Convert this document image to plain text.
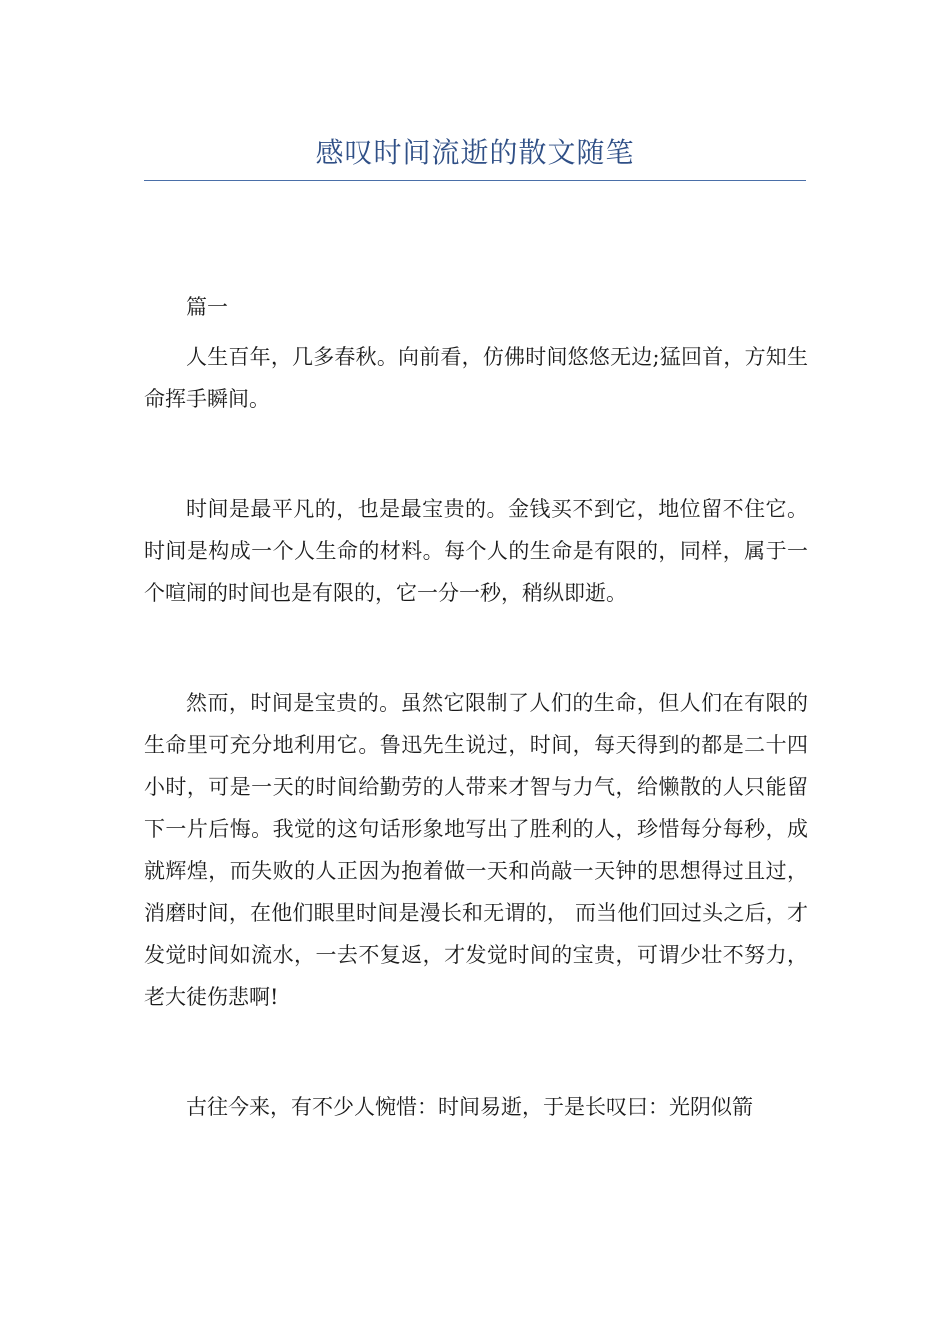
感叹时间流逝的散文随笔

篇一

人生百年，几多春秋。向前看，仿佛时间悠悠无边;猛回首，方知生命挥手瞬间。

时间是最平凡的，也是最宝贵的。金钱买不到它，地位留不住它。时间是构成一个人生命的材料。每个人的生命是有限的，同样，属于一个喧闹的时间也是有限的，它一分一秒，稍纵即逝。

然而，时间是宝贵的。虽然它限制了人们的生命，但人们在有限的生命里可充分地利用它。鲁迅先生说过，时间，每天得到的都是二十四小时，可是一天的时间给勤劳的人带来才智与力气，给懒散的人只能留下一片后悔。我觉的这句话形象地写出了胜利的人，珍惜每分每秒，成就辉煌，而失败的人正因为抱着做一天和尚敲一天钟的思想得过且过，消磨时间，在他们眼里时间是漫长和无谓的， 而当他们回过头之后，才发觉时间如流水，一去不复返，才发觉时间的宝贵，可谓少壮不努力，老大徒伤悲啊!

古往今来，有不少人惋惜：时间易逝，于是长叹曰：光阴似箭
